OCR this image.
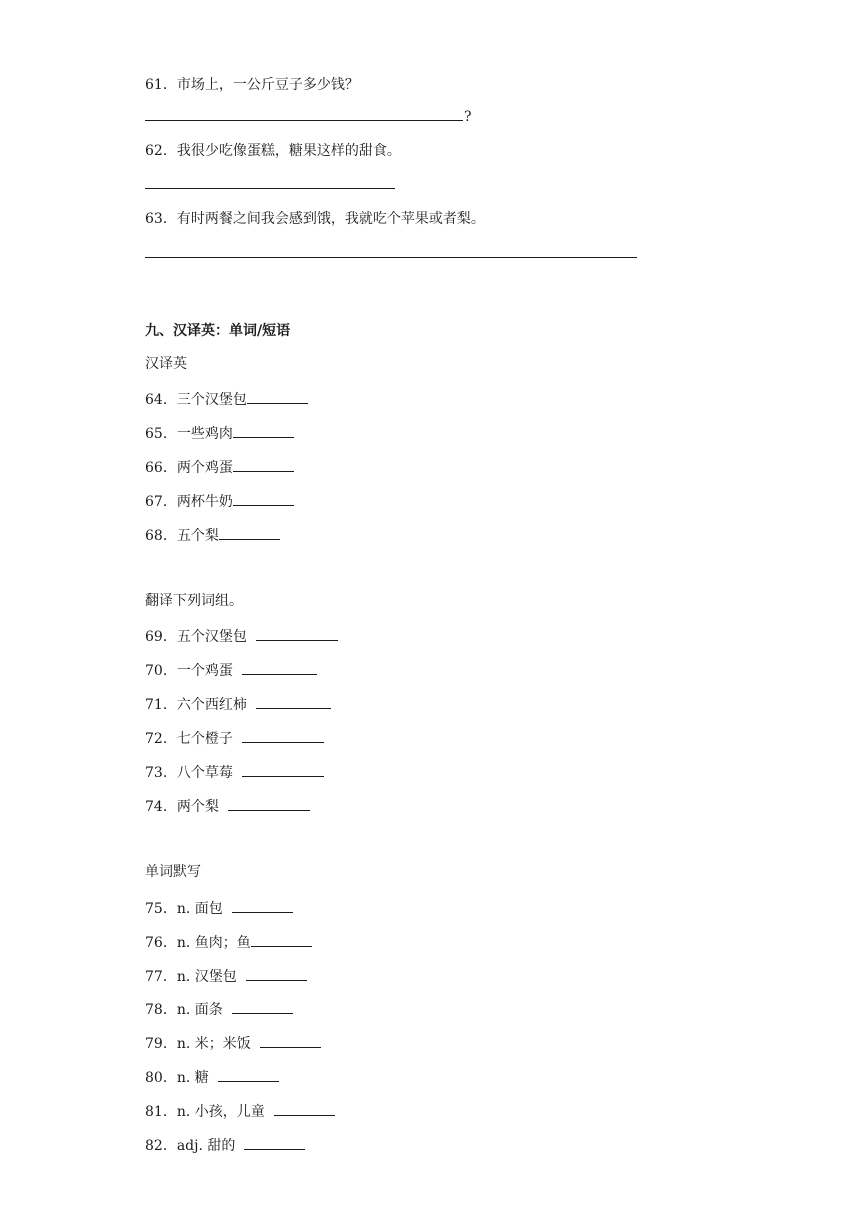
61．市场上，一公斤豆子多少钱？
?
62．我很少吃像蛋糕，糖果这样的甜食。
63．有时两餐之间我会感到饿，我就吃个苹果或者梨。
九、汉译英：单词/短语
汉译英
64．三个汉堡包
65．一些鸡肉
66．两个鸡蛋
67．两杯牛奶
68．五个梨
翻译下列词组。
69．五个汉堡包
70．一个鸡蛋
71．六个西红柿
72．七个橙子
73．八个草莓
74．两个梨
单词默写
75．n. 面包
76．n. 鱼肉；鱼
77．n. 汉堡包
78．n. 面条
79．n. 米；米饭
80．n. 糖
81．n. 小孩，儿童
82．adj. 甜的
